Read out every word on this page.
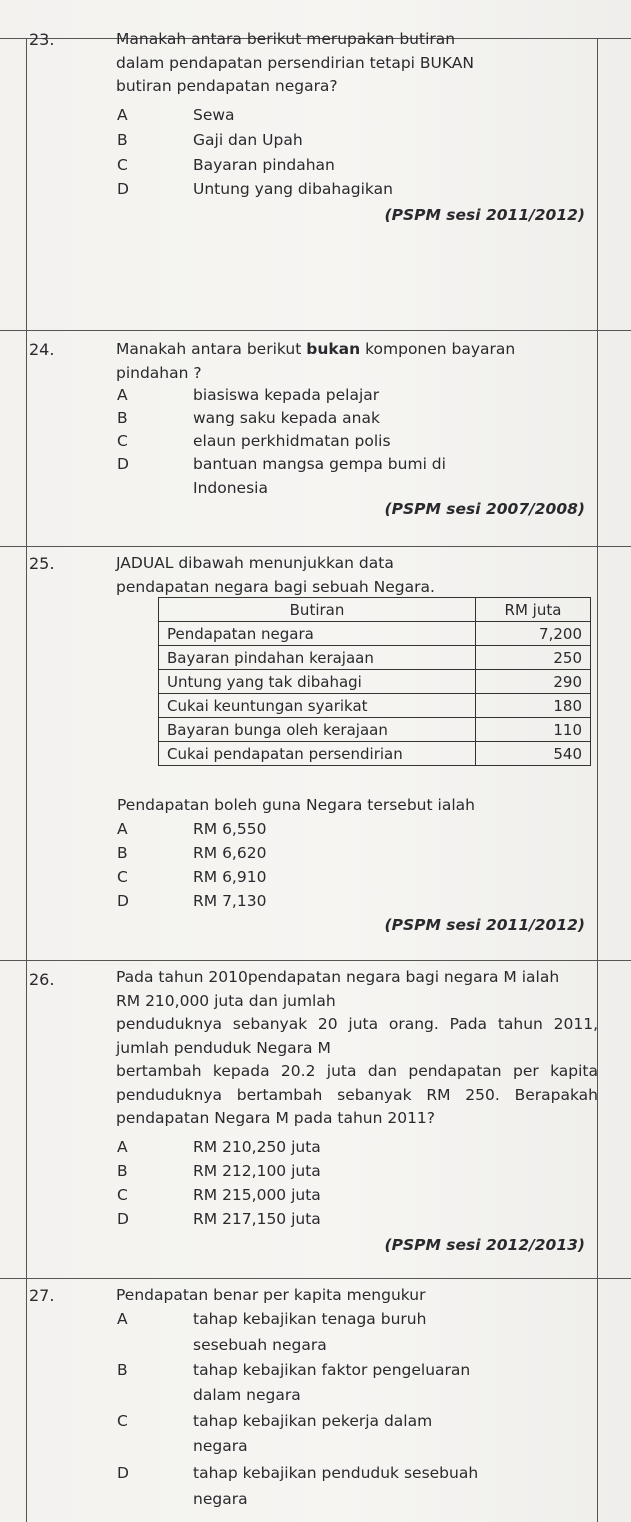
23.	Manakah antara berikut merupakan butiran
dalam pendapatan persendirian tetapi BUKAN
butiran pendapatan negara?
A	Sewa
B	Gaji dan Upah
C	Bayaran pindahan
D	Untung yang dibahagikan
(PSPM sesi 2011/2012)
24.	Manakah antara berikut bukan komponen bayaran
pindahan ?
A	biasiswa kepada pelajar
B	wang saku kepada anak
C	elaun perkhidmatan polis
D	bantuan mangsa gempa bumi di
Indonesia
(PSPM sesi 2007/2008)
25.	JADUAL dibawah menunjukkan data
pendapatan negara bagi sebuah Negara.
Butiran	RM juta
Pendapatan negara	7,200
Bayaran pindahan kerajaan	250
Untung yang tak dibahagi	290
Cukai keuntungan syarikat	180
Bayaran bunga oleh kerajaan	110
Cukai pendapatan persendirian	540
Pendapatan boleh guna Negara tersebut ialah
A	RM 6,550
B	RM 6,620
C	RM 6,910
D	RM 7,130
(PSPM sesi 2011/2012)
26.	Pada tahun 2010pendapatan negara bagi negara M ialah
RM 210,000 juta dan jumlah
penduduknya sebanyak 20 juta orang. Pada tahun 2011,
jumlah penduduk Negara M
bertambah kepada 20.2 juta dan pendapatan per kapita
penduduknya bertambah sebanyak RM 250. Berapakah
pendapatan Negara M pada tahun 2011?
A	RM 210,250 juta
B	RM 212,100 juta
C	RM 215,000 juta
D	RM 217,150 juta
(PSPM sesi 2012/2013)
27.	Pendapatan benar per kapita mengukur
A	tahap kebajikan tenaga buruh
sesebuah negara
B	tahap kebajikan faktor pengeluaran
dalam negara
C	tahap kebajikan pekerja dalam
negara
D	tahap kebajikan penduduk sesebuah
negara
